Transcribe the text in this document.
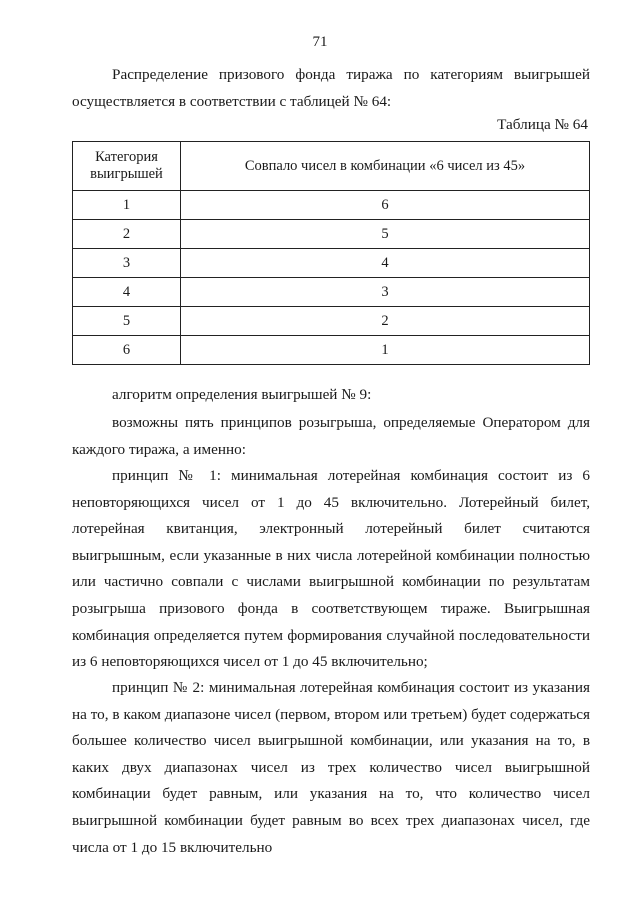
71
Распределение призового фонда тиража по категориям выигрышей осуществляется в соответствии с таблицей № 64:
Таблица № 64
Категория выигрышей	Совпало чисел в комбинации «6 чисел из 45»
1	6
2	5
3	4
4	3
5	2
6	1
алгоритм определения выигрышей № 9:
возможны пять принципов розыгрыша, определяемые Оператором для каждого тиража, а именно:
принцип № 1: минимальная лотерейная комбинация состоит из 6 неповторяющихся чисел от 1 до 45 включительно. Лотерейный билет, лотерейная квитанция, электронный лотерейный билет считаются выигрышным, если указанные в них числа лотерейной комбинации полностью или частично совпали с числами выигрышной комбинации по результатам розыгрыша призового фонда в соответствующем тираже. Выигрышная комбинация определяется путем формирования случайной последовательности из 6 неповторяющихся чисел от 1 до 45 включительно;
принцип № 2: минимальная лотерейная комбинация состоит из указания на то, в каком диапазоне чисел (первом, втором или третьем) будет содержаться большее количество чисел выигрышной комбинации, или указания на то, в каких двух диапазонах чисел из трех количество чисел выигрышной комбинации будет равным, или указания на то, что количество чисел выигрышной комбинации будет равным во всех трех диапазонах чисел, где числа от 1 до 15 включительно
